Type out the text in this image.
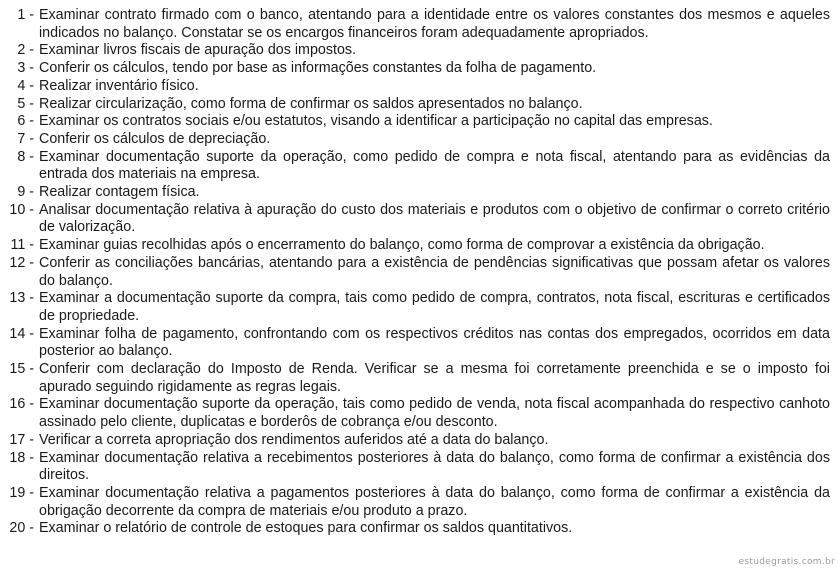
1 - Examinar contrato firmado com o banco, atentando para a identidade entre os valores constantes dos mesmos e aqueles indicados no balanço. Constatar se os encargos financeiros foram adequadamente apropriados.
2 - Examinar livros fiscais de apuração dos impostos.
3 - Conferir os cálculos, tendo por base as informações constantes da folha de pagamento.
4 - Realizar inventário físico.
5 - Realizar circularização, como forma de confirmar os saldos apresentados no balanço.
6 - Examinar os contratos sociais e/ou estatutos, visando a identificar a participação no capital das empresas.
7 - Conferir os cálculos de depreciação.
8 - Examinar documentação suporte da operação, como pedido de compra e nota fiscal, atentando para as evidências da entrada dos materiais na empresa.
9 - Realizar contagem física.
10 - Analisar documentação relativa à apuração do custo dos materiais e produtos com o objetivo de confirmar o correto critério de valorização.
11 - Examinar guias recolhidas após o encerramento do balanço, como forma de comprovar a existência da obrigação.
12 - Conferir as conciliações bancárias, atentando para a existência de pendências significativas que possam afetar os valores do balanço.
13 - Examinar a documentação suporte da compra, tais como pedido de compra, contratos, nota fiscal, escrituras e certificados de propriedade.
14 - Examinar folha de pagamento, confrontando com os respectivos créditos nas contas dos empregados, ocorridos em data posterior ao balanço.
15 - Conferir com declaração do Imposto de Renda. Verificar se a mesma foi corretamente preenchida e se o imposto foi apurado seguindo rigidamente as regras legais.
16 - Examinar documentação suporte da operação, tais como pedido de venda, nota fiscal acompanhada do respectivo canhoto assinado pelo cliente, duplicatas e borderôs de cobrança e/ou desconto.
17 - Verificar a correta apropriação dos rendimentos auferidos até a data do balanço.
18 - Examinar documentação relativa a recebimentos posteriores à data do balanço, como forma de confirmar a existência dos direitos.
19 - Examinar documentação relativa a pagamentos posteriores à data do balanço, como forma de confirmar a existência da obrigação decorrente da compra de materiais e/ou produto a prazo.
20 - Examinar o relatório de controle de estoques para confirmar os saldos quantitativos.
estudegratis.com.br
